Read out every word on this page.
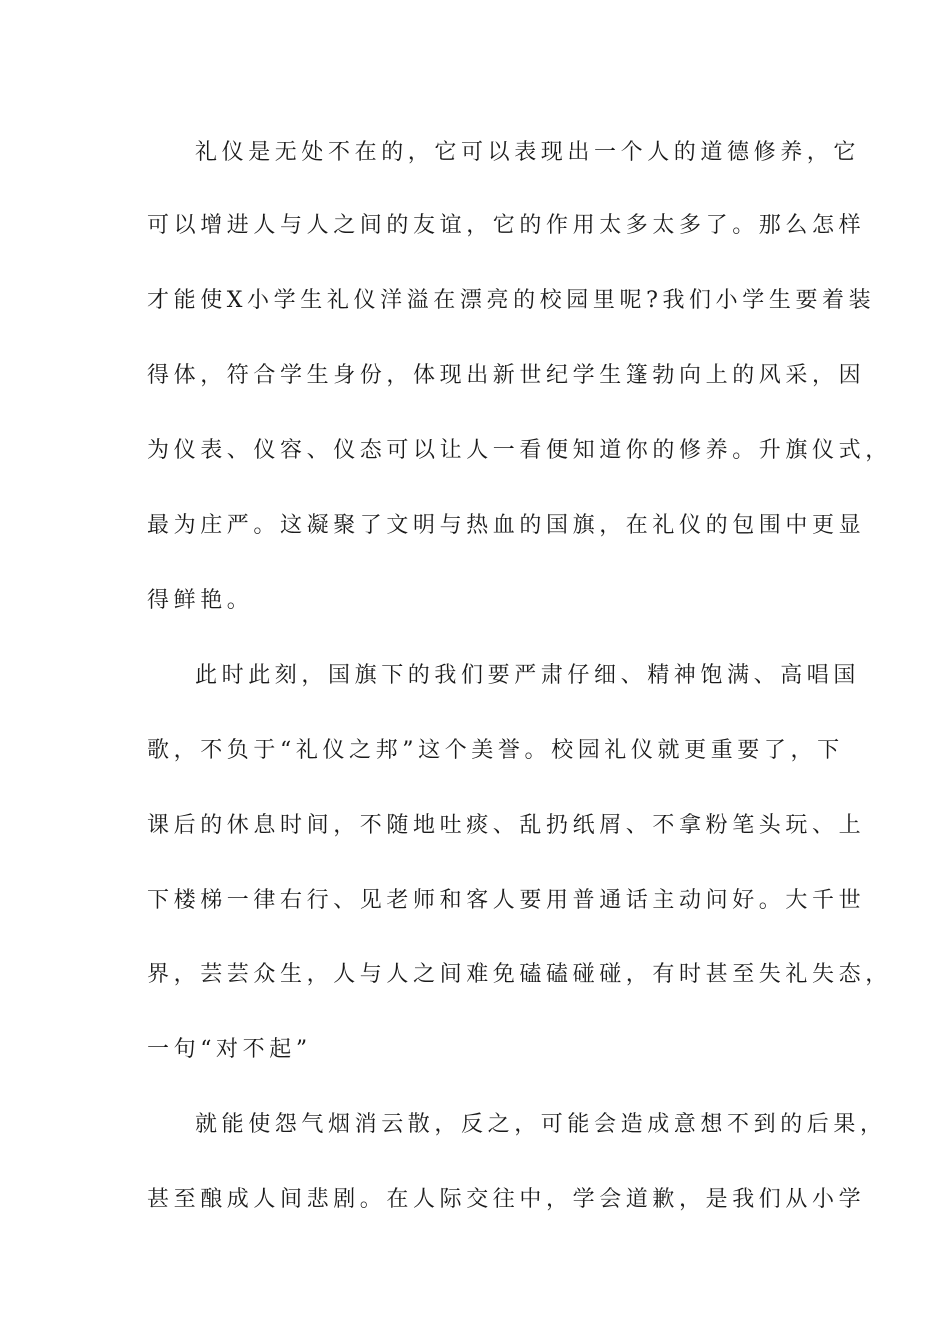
礼仪是无处不在的，它可以表现出一个人的道德修养，它
可以增进人与人之间的友谊，它的作用太多太多了。那么怎样
才能使X小学生礼仪洋溢在漂亮的校园里呢?我们小学生要着装
得体，符合学生身份，体现出新世纪学生篷勃向上的风采，因
为仪表、仪容、仪态可以让人一看便知道你的修养。升旗仪式，
最为庄严。这凝聚了文明与热血的国旗，在礼仪的包围中更显
得鲜艳。
此时此刻，国旗下的我们要严肃仔细、精神饱满、高唱国
歌，不负于“礼仪之邦”这个美誉。校园礼仪就更重要了，下
课后的休息时间，不随地吐痰、乱扔纸屑、不拿粉笔头玩、上
下楼梯一律右行、见老师和客人要用普通话主动问好。大千世
界，芸芸众生，人与人之间难免磕磕碰碰，有时甚至失礼失态，
一句“对不起”
就能使怨气烟消云散，反之，可能会造成意想不到的后果，
甚至酿成人间悲剧。在人际交往中，学会道歉，是我们从小学
